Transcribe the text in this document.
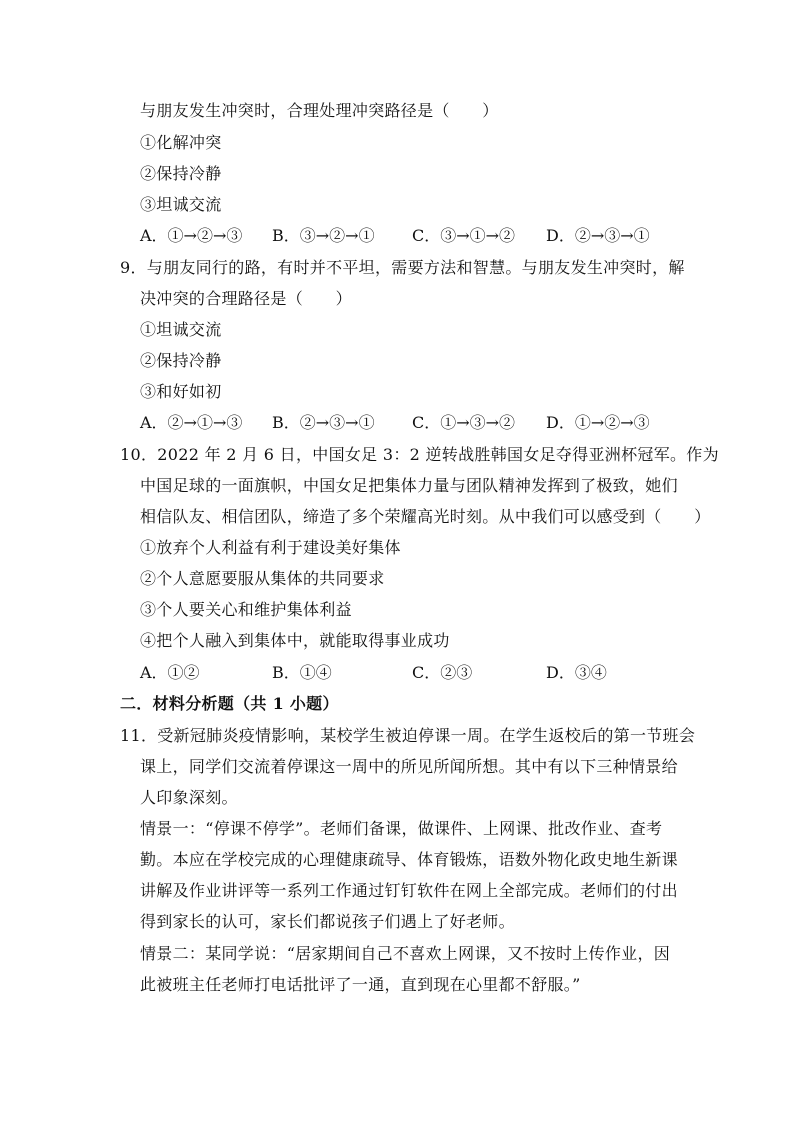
与朋友发生冲突时，合理处理冲突路径是（　　）
①化解冲突
②保持冷静
③坦诚交流
A．①→②→③ B．③→②→① C．③→①→② D．②→③→①
9．与朋友同行的路，有时并不平坦，需要方法和智慧。与朋友发生冲突时，解
决冲突的合理路径是（　　）
①坦诚交流
②保持冷静
③和好如初
A．②→①→③ B．②→③→① C．①→③→② D．①→②→③
10．2022 年 2 月 6 日，中国女足 3：2 逆转战胜韩国女足夺得亚洲杯冠军。作为
中国足球的一面旗帜，中国女足把集体力量与团队精神发挥到了极致，她们
相信队友、相信团队，缔造了多个荣耀高光时刻。从中我们可以感受到（　　）
①放弃个人利益有利于建设美好集体
②个人意愿要服从集体的共同要求
③个人要关心和维护集体利益
④把个人融入到集体中，就能取得事业成功
A．①②	B．①④	C．②③	D．③④
二．材料分析题（共 1 小题）
11．受新冠肺炎疫情影响，某校学生被迫停课一周。在学生返校后的第一节班会
课上，同学们交流着停课这一周中的所见所闻所想。其中有以下三种情景给
人印象深刻。
情景一：“停课不停学”。老师们备课，做课件、上网课、批改作业、查考
勤。本应在学校完成的心理健康疏导、体育锻炼，语数外物化政史地生新课
讲解及作业讲评等一系列工作通过钉钉软件在网上全部完成。老师们的付出
得到家长的认可，家长们都说孩子们遇上了好老师。
情景二：某同学说：“居家期间自己不喜欢上网课，又不按时上传作业，因
此被班主任老师打电话批评了一通，直到现在心里都不舒服。”
